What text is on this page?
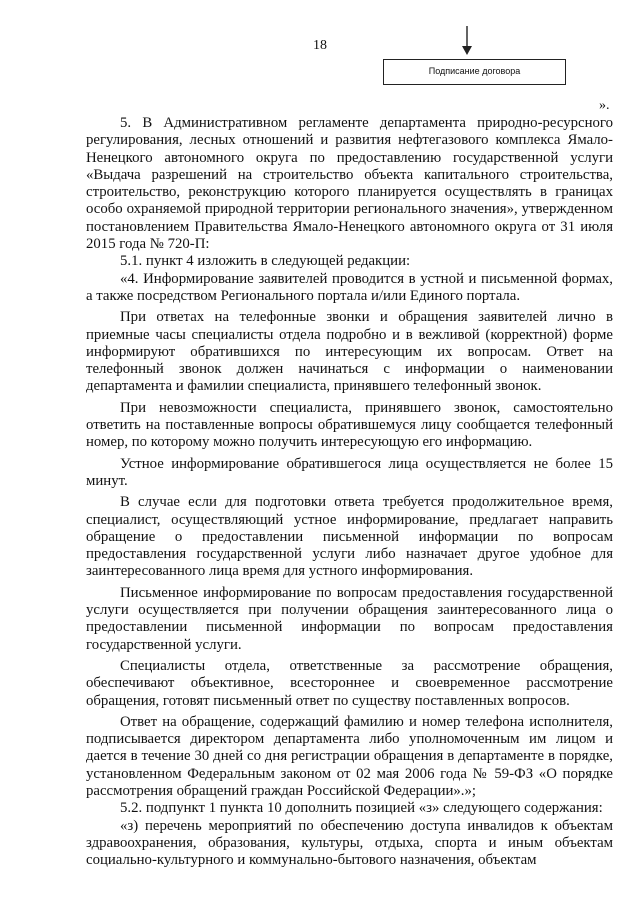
18
Подписание договора
».

5. В Административном регламенте департамента природно-ресурсного регулирования, лесных отношений и развития нефтегазового комплекса Ямало-Ненецкого автономного округа по предоставлению государственной услуги «Выдача разрешений на строительство объекта капитального строительства, строительство, реконструкцию которого планируется осуществлять в границах особо охраняемой природной территории регионального значения», утвержденном постановлением Правительства Ямало-Ненецкого автономного округа от 31 июля 2015 года № 720-П:

5.1. пункт 4 изложить в следующей редакции:

«4. Информирование заявителей проводится в устной и письменной формах, а также посредством Регионального портала и/или Единого портала.

При ответах на телефонные звонки и обращения заявителей лично в приемные часы специалисты отдела подробно и в вежливой (корректной) форме информируют обратившихся по интересующим их вопросам. Ответ на телефонный звонок должен начинаться с информации о наименовании департамента и фамилии специалиста, принявшего телефонный звонок.

При невозможности специалиста, принявшего звонок, самостоятельно ответить на поставленные вопросы обратившемуся лицу сообщается телефонный номер, по которому можно получить интересующую его информацию.

Устное информирование обратившегося лица осуществляется не более 15 минут.

В случае если для подготовки ответа требуется продолжительное время, специалист, осуществляющий устное информирование, предлагает направить обращение о предоставлении письменной информации по вопросам предоставления государственной услуги либо назначает другое удобное для заинтересованного лица время для устного информирования.

Письменное информирование по вопросам предоставления государственной услуги осуществляется при получении обращения заинтересованного лица о предоставлении письменной информации по вопросам предоставления государственной услуги.

Специалисты отдела, ответственные за рассмотрение обращения, обеспечивают объективное, всестороннее и своевременное рассмотрение обращения, готовят письменный ответ по существу поставленных вопросов.

Ответ на обращение, содержащий фамилию и номер телефона исполнителя, подписывается директором департамента либо уполномоченным им лицом и дается в течение 30 дней со дня регистрации обращения в департаменте в порядке, установленном Федеральным законом от 02 мая 2006 года № 59-ФЗ «О порядке рассмотрения обращений граждан Российской Федерации».»;

5.2. подпункт 1 пункта 10 дополнить позицией «з» следующего содержания:

«з) перечень мероприятий по обеспечению доступа инвалидов к объектам здравоохранения, образования, культуры, отдыха, спорта и иным объектам социально-культурного и коммунально-бытового назначения, объектам
